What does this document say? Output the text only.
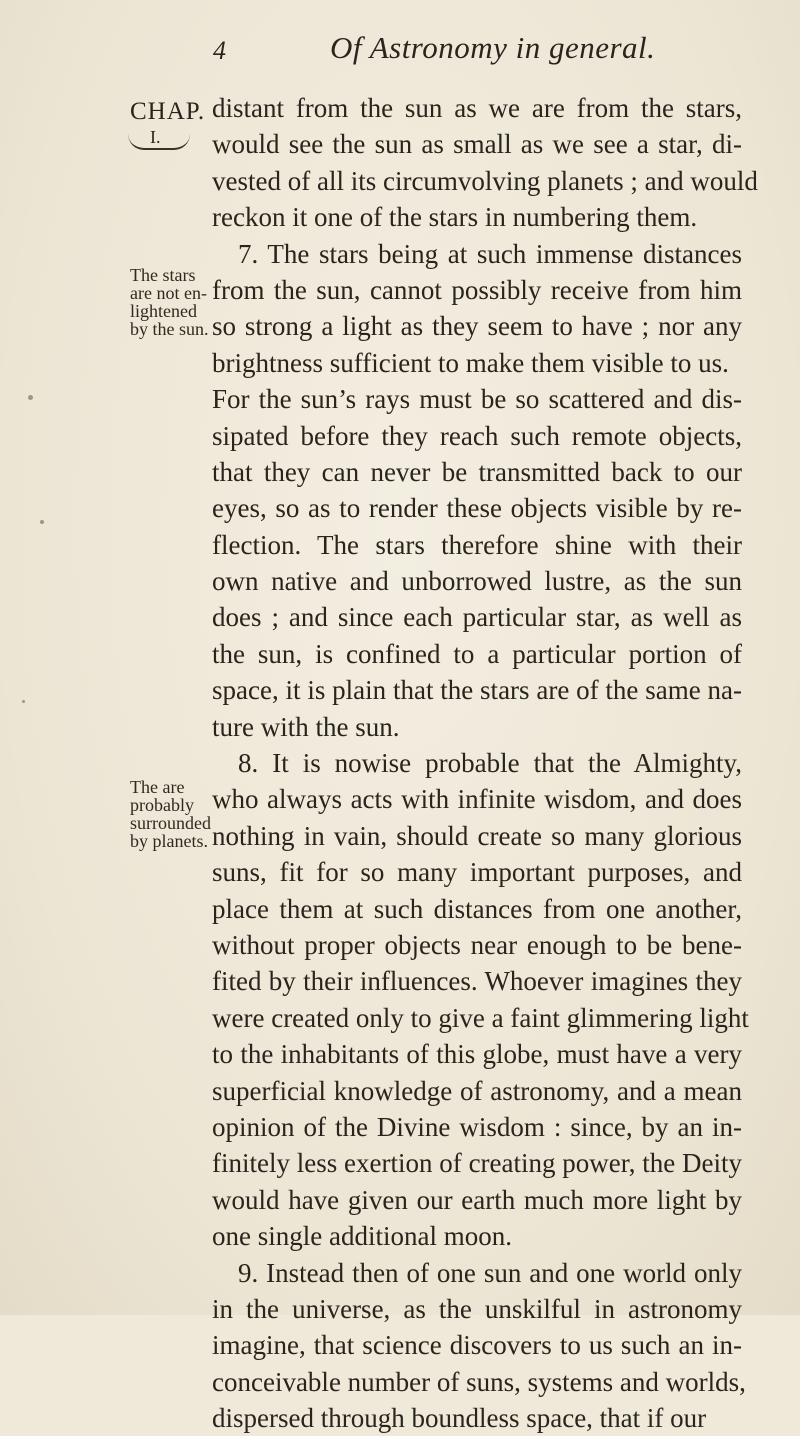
4	Of Astronomy in general.
CHAP.
I.
The stars
are not en-
lightened
by the sun.
The are
probably
surrounded
by planets.
distant from the sun as we are from the stars,
would see the sun as small as we see a star, di-
vested of all its circumvolving planets ; and would
reckon it one of the stars in numbering them.
7. The stars being at such immense distances
from the sun, cannot possibly receive from him
so strong a light as they seem to have ; nor any
brightness sufficient to make them visible to us.
For the sun’s rays must be so scattered and dis-
sipated before they reach such remote objects,
that they can never be transmitted back to our
eyes, so as to render these objects visible by re-
flection. The stars therefore shine with their
own native and unborrowed lustre, as the sun
does ; and since each particular star, as well as
the sun, is confined to a particular portion of
space, it is plain that the stars are of the same na-
ture with the sun.
8. It is nowise probable that the Almighty,
who always acts with infinite wisdom, and does
nothing in vain, should create so many glorious
suns, fit for so many important purposes, and
place them at such distances from one another,
without proper objects near enough to be bene-
fited by their influences. Whoever imagines they
were created only to give a faint glimmering light
to the inhabitants of this globe, must have a very
superficial knowledge of astronomy, and a mean
opinion of the Divine wisdom : since, by an in-
finitely less exertion of creating power, the Deity
would have given our earth much more light by
one single additional moon.
9. Instead then of one sun and one world only
in the universe, as the unskilful in astronomy
imagine, that science discovers to us such an in-
conceivable number of suns, systems and worlds,
dispersed through boundless space, that if our
